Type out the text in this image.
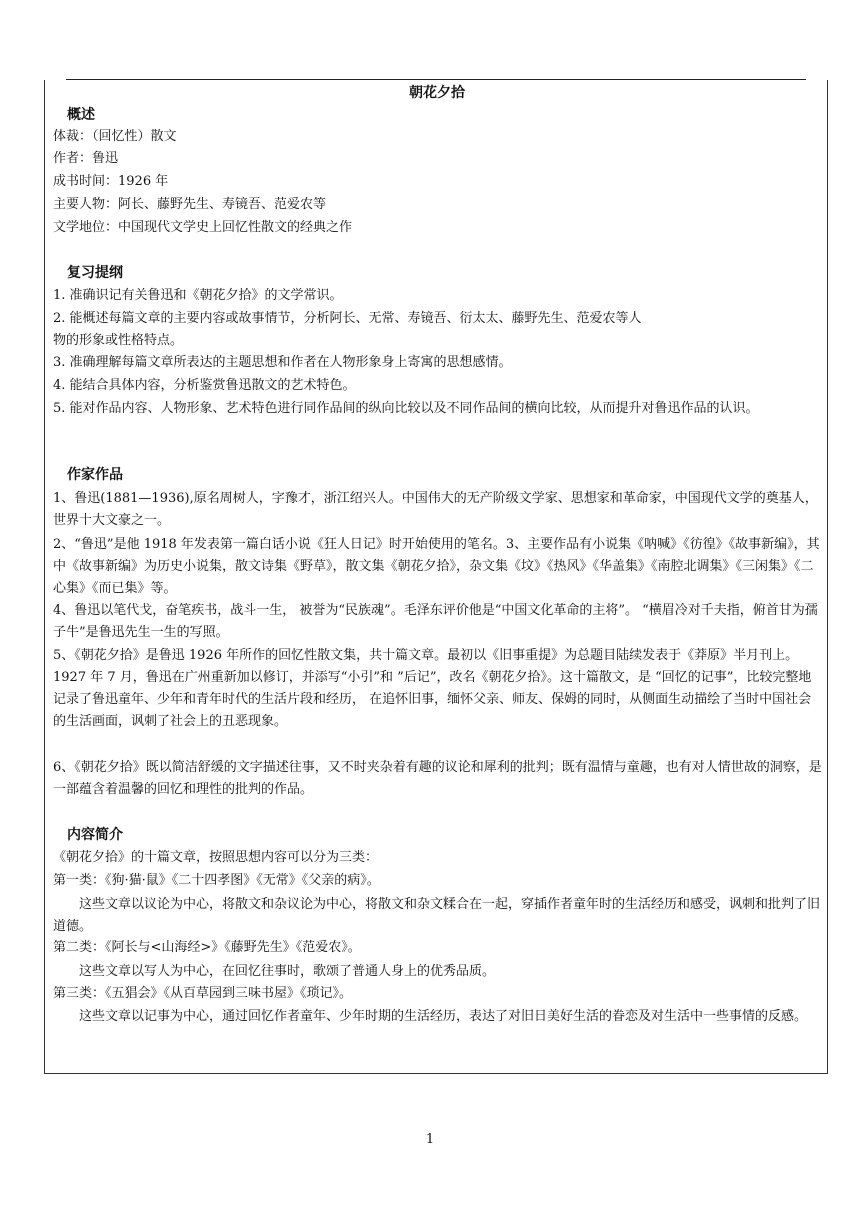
朝花夕拾
概述
体裁：（回忆性）散文
作者：鲁迅
成书时间：1926 年
主要人物：阿长、藤野先生、寿镜吾、范爱农等
文学地位：中国现代文学史上回忆性散文的经典之作
复习提纲
1. 准确识记有关鲁迅和《朝花夕拾》的文学常识。
2. 能概述每篇文章的主要内容或故事情节，分析阿长、无常、寿镜吾、衍太太、藤野先生、范爱农等人
物的形象或性格特点。
3. 准确理解每篇文章所表达的主题思想和作者在人物形象身上寄寓的思想感情。
4. 能结合具体内容，分析鉴赏鲁迅散文的艺术特色。

5. 能对作品内容、人物形象、艺术特色进行同作品间的纵向比较以及不同作品间的横向比较，从而提升对鲁迅作品的认识。

作家作品

1、鲁迅(1881—1936),原名周树人，字豫才，浙江绍兴人。中国伟大的无产阶级文学家、思想家和革命家，中国现代文学的奠基人，世界十大文豪之一。

2、“鲁迅”是他 1918 年发表第一篇白话小说《狂人日记》时开始使用的笔名。3、主要作品有小说集《呐喊》《彷徨》《故事新编》，其中《故事新编》为历史小说集，散文诗集《野草》，散文集《朝花夕拾》，杂文集《坟》《热风》《华盖集》《南腔北调集》《三闲集》《二心集》《而已集》等。

4、鲁迅以笔代戈，奋笔疾书，战斗一生， 被誉为“民族魂”。毛泽东评价他是“中国文化革命的主将”。 “横眉冷对千夫指，俯首甘为孺子牛”是鲁迅先生一生的写照。

5、《朝花夕拾》是鲁迅 1926 年所作的回忆性散文集，共十篇文章。最初以《旧事重提》为总题目陆续发表于《莽原》半月刊上。1927 年 7 月，鲁迅在广州重新加以修订，并添写“小引”和 ”后记”，改名《朝花夕拾》。这十篇散文，是 “回忆的记事”，比较完整地记录了鲁迅童年、少年和青年时代的生活片段和经历， 在追怀旧事，缅怀父亲、师友、保姆的同时，从侧面生动描绘了当时中国社会的生活画面，讽刺了社会上的丑恶现象。

6、《朝花夕拾》既以简洁舒缓的文字描述往事，又不时夹杂着有趣的议论和犀利的批判；既有温情与童趣，也有对人情世故的洞察，是一部蕴含着温馨的回忆和理性的批判的作品。

内容简介
《朝花夕拾》的十篇文章，按照思想内容可以分为三类：
第一类：《狗·猫·鼠》《二十四孝图》《无常》《父亲的病》。

这些文章以议论为中心，将散文和杂议论为中心，将散文和杂文糅合在一起，穿插作者童年时的生活经历和感受，讽刺和批判了旧道德。

第二类：《阿长与<山海经>》《藤野先生》《范爱农》。

这些文章以写人为中心，在回忆往事时，歌颂了普通人身上的优秀品质。

第三类：《五猖会》《从百草园到三味书屋》《琐记》。

这些文章以记事为中心，通过回忆作者童年、少年时期的生活经历，表达了对旧日美好生活的眷恋及对生活中一些事情的反感。

1
